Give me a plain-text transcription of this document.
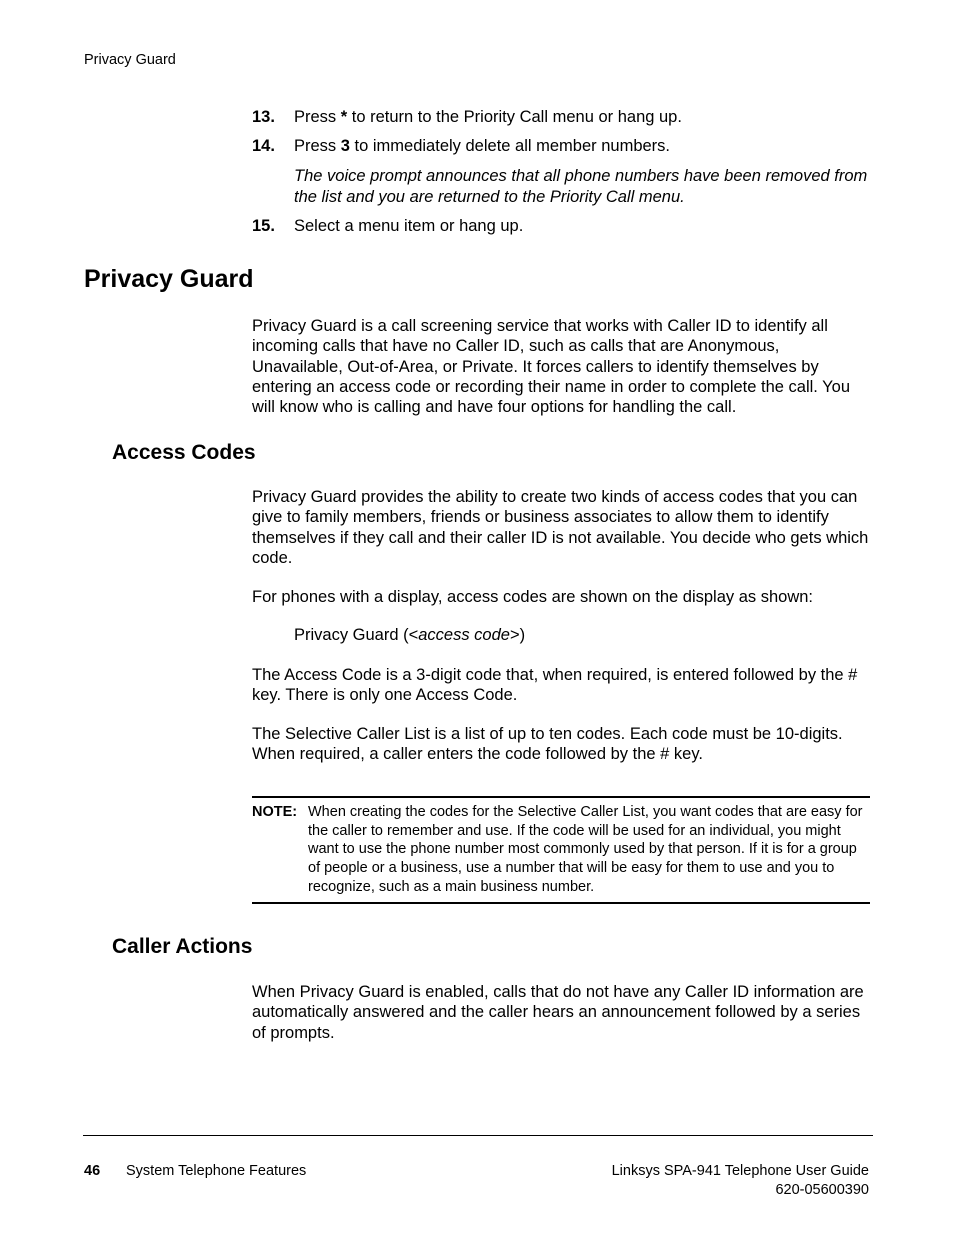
Privacy Guard
13. Press * to return to the Priority Call menu or hang up.
14. Press 3 to immediately delete all member numbers.
The voice prompt announces that all phone numbers have been removed from the list and you are returned to the Priority Call menu.
15. Select a menu item or hang up.
Privacy Guard
Privacy Guard is a call screening service that works with Caller ID to identify all incoming calls that have no Caller ID, such as calls that are Anonymous, Unavailable, Out-of-Area, or Private. It forces callers to identify themselves by entering an access code or recording their name in order to complete the call. You will know who is calling and have four options for handling the call.
Access Codes
Privacy Guard provides the ability to create two kinds of access codes that you can give to family members, friends or business associates to allow them to identify themselves if they call and their caller ID is not available. You decide who gets which code.
For phones with a display, access codes are shown on the display as shown:
Privacy Guard (<access code>)
The Access Code is a 3-digit code that, when required, is entered followed by the # key. There is only one Access Code.
The Selective Caller List is a list of up to ten codes. Each code must be 10-digits. When required, a caller enters the code followed by the # key.
NOTE: When creating the codes for the Selective Caller List, you want codes that are easy for the caller to remember and use. If the code will be used for an individual, you might want to use the phone number most commonly used by that person. If it is for a group of people or a business, use a number that will be easy for them to use and you to recognize, such as a main business number.
Caller Actions
When Privacy Guard is enabled, calls that do not have any Caller ID information are automatically answered and the caller hears an announcement followed by a series of prompts.
46 System Telephone Features	Linksys SPA-941 Telephone User Guide
620-05600390
